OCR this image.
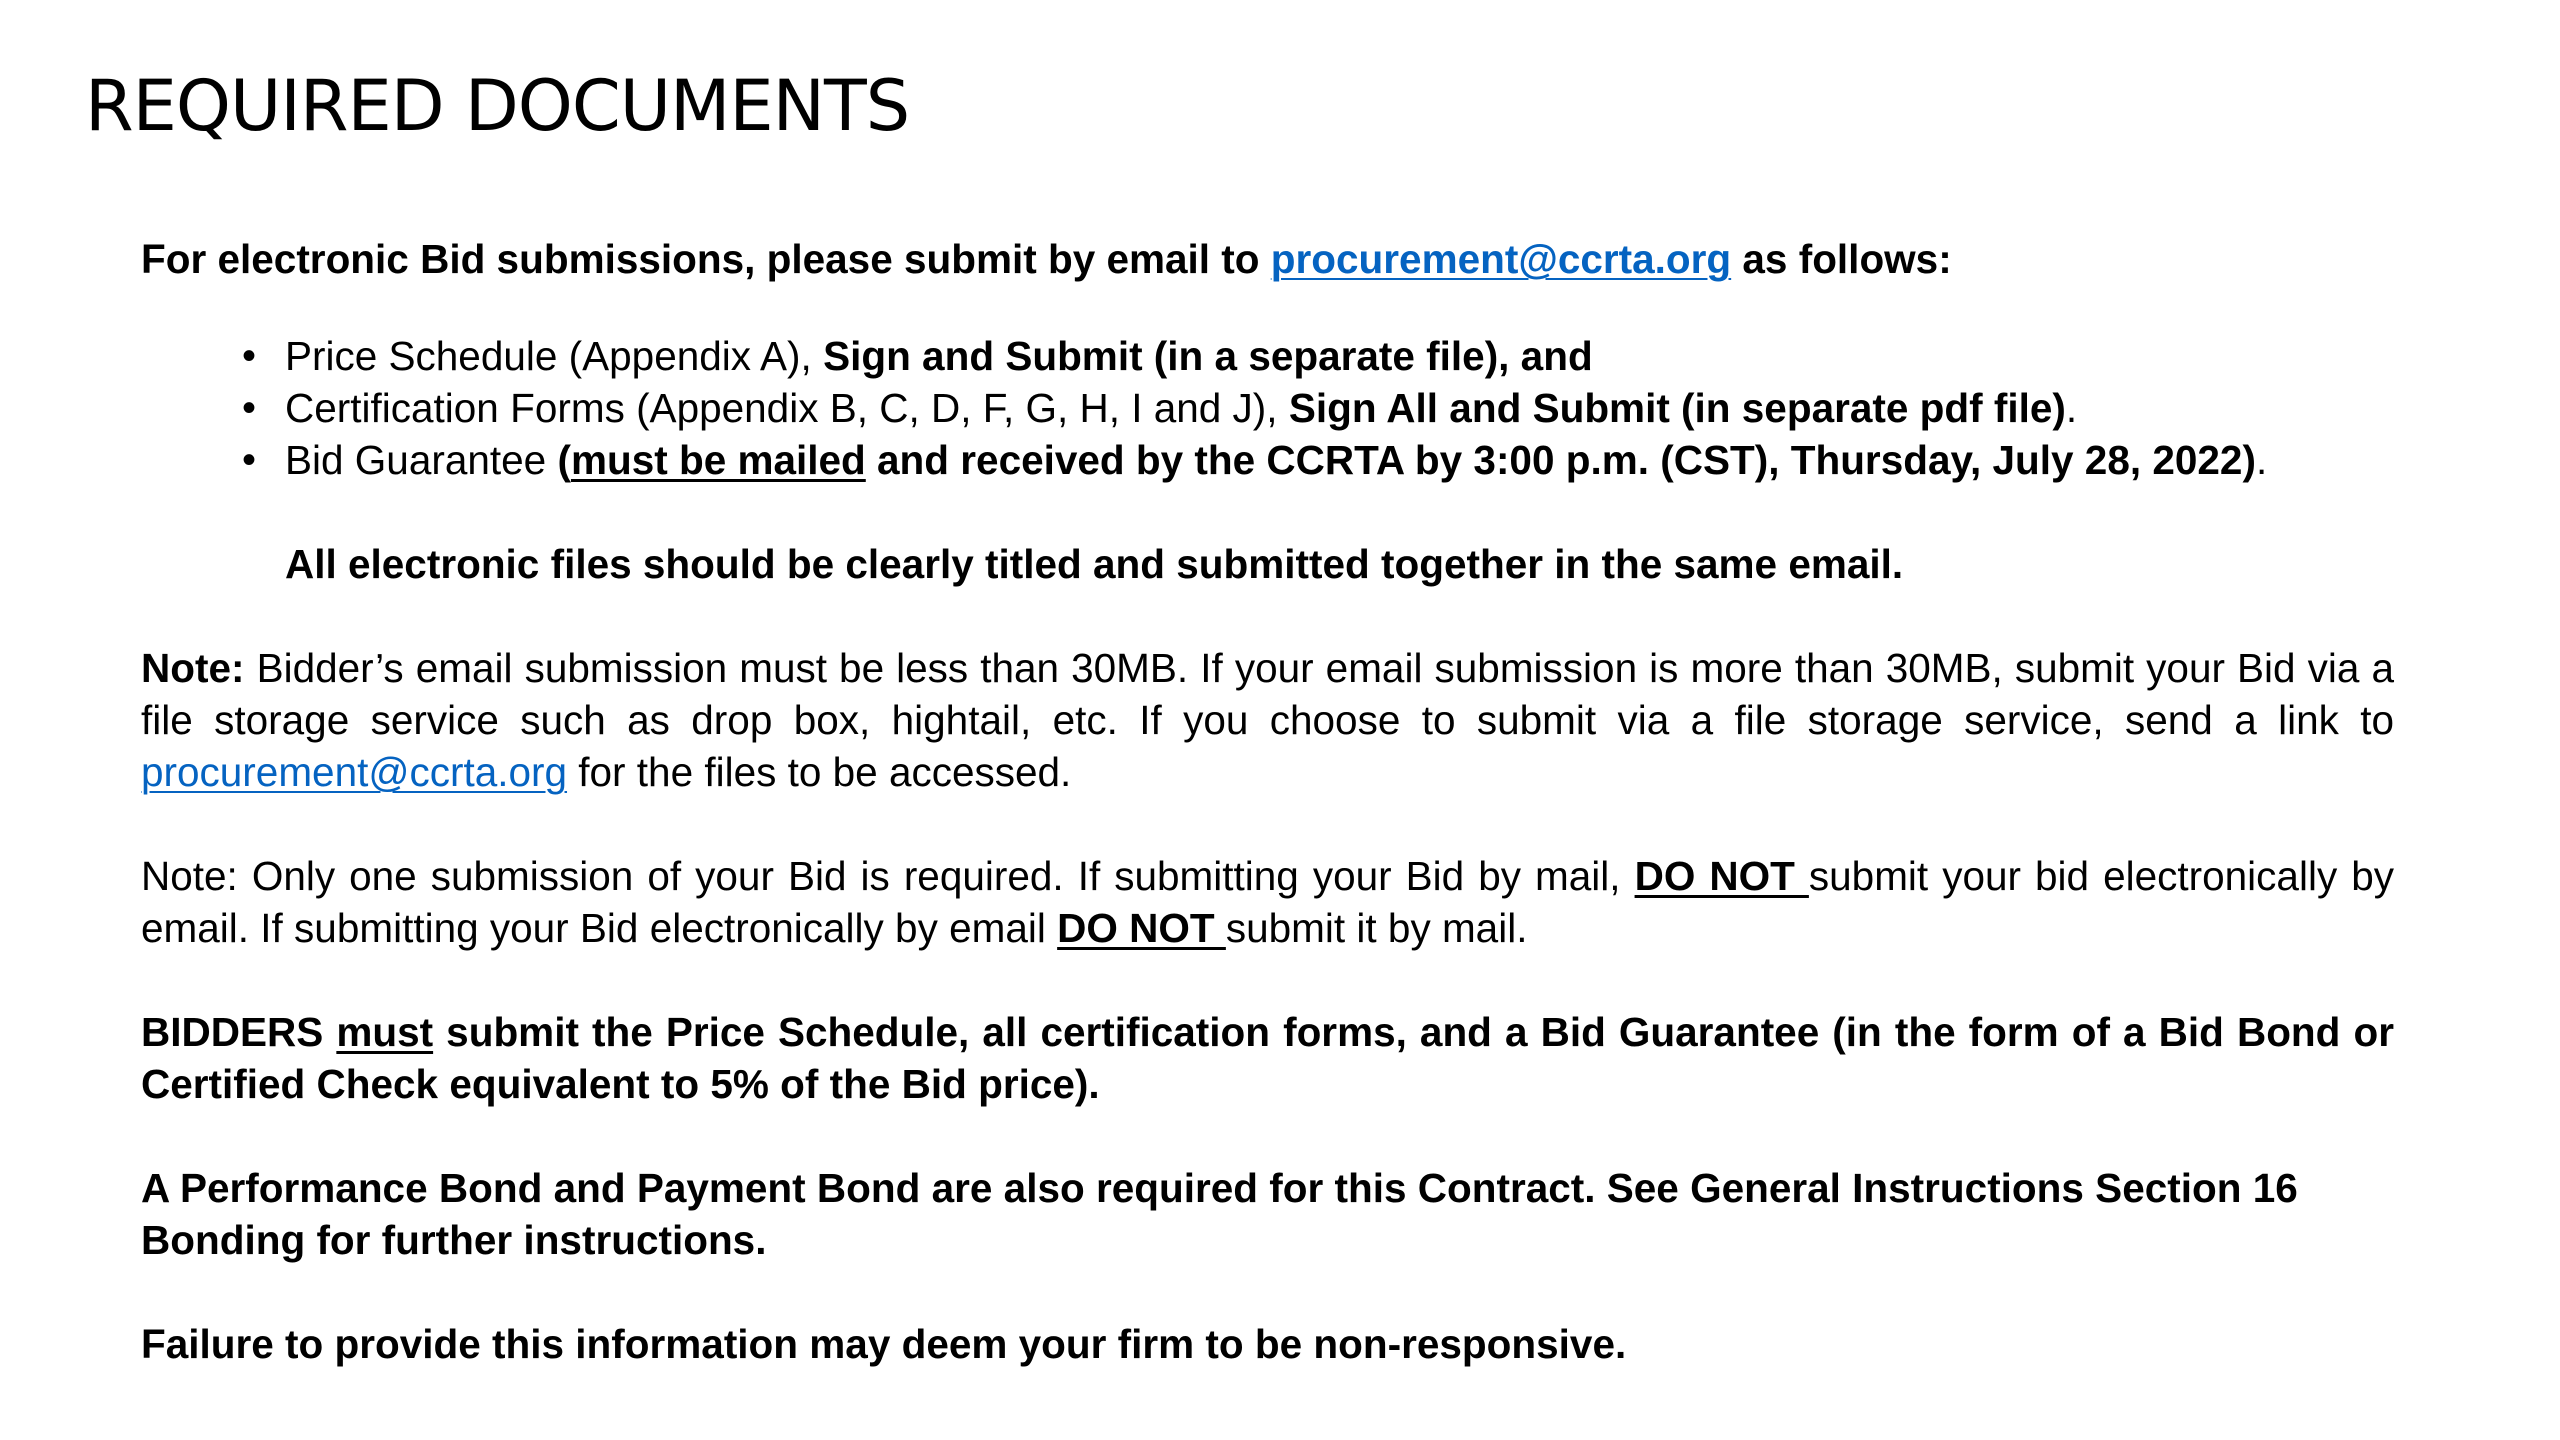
REQUIRED DOCUMENTS

For electronic Bid submissions, please submit by email to procurement@ccrta.org as follows:

• Price Schedule (Appendix A), Sign and Submit (in a separate file), and
• Certification Forms (Appendix B, C, D, F, G, H, I and J), Sign All and Submit (in separate pdf file).
• Bid Guarantee (must be mailed and received by the CCRTA by 3:00 p.m. (CST), Thursday, July 28, 2022).

All electronic files should be clearly titled and submitted together in the same email.

Note: Bidder’s email submission must be less than 30MB. If your email submission is more than 30MB, submit your Bid via a file storage service such as drop box, hightail, etc. If you choose to submit via a file storage service, send a link to procurement@ccrta.org for the files to be accessed.

Note: Only one submission of your Bid is required. If submitting your Bid by mail, DO NOT submit your bid electronically by email. If submitting your Bid electronically by email DO NOT submit it by mail.

BIDDERS must submit the Price Schedule, all certification forms, and a Bid Guarantee (in the form of a Bid Bond or Certified Check equivalent to 5% of the Bid price).

A Performance Bond and Payment Bond are also required for this Contract. See General Instructions Section 16 Bonding for further instructions.

Failure to provide this information may deem your firm to be non-responsive.
